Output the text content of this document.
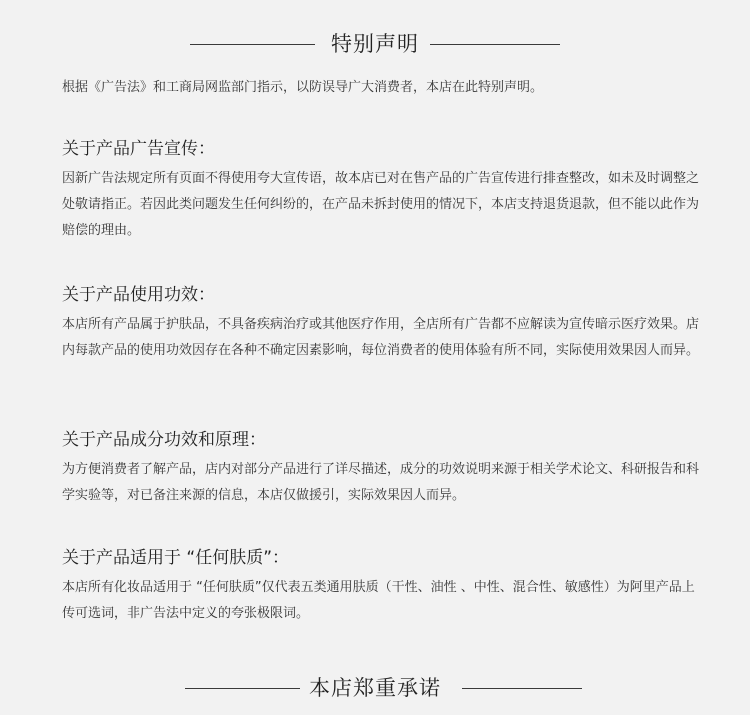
特别声明

根据《广告法》和工商局网监部门指示，以防误导广大消费者，本店在此特别声明。

关于产品广告宣传：

因新广告法规定所有页面不得使用夸大宣传语，故本店已对在售产品的广告宣传进行排查整改，如未及时调整之处敬请指正。若因此类问题发生任何纠纷的，在产品未拆封使用的情况下，本店支持退货退款，但不能以此作为赔偿的理由。

关于产品使用功效：

本店所有产品属于护肤品，不具备疾病治疗或其他医疗作用，全店所有广告都不应解读为宣传暗示医疗效果。店内每款产品的使用功效因存在各种不确定因素影响，每位消费者的使用体验有所不同，实际使用效果因人而异。

关于产品成分功效和原理：

为方便消费者了解产品，店内对部分产品进行了详尽描述，成分的功效说明来源于相关学术论文、科研报告和科学实验等，对已备注来源的信息，本店仅做援引，实际效果因人而异。

关于产品适用于 “任何肤质”：

本店所有化妆品适用于 “任何肤质”仅代表五类通用肤质（干性、油性 、中性、混合性、敏感性）为阿里产品上传可选词，非广告法中定义的夸张极限词。

本店郑重承诺
